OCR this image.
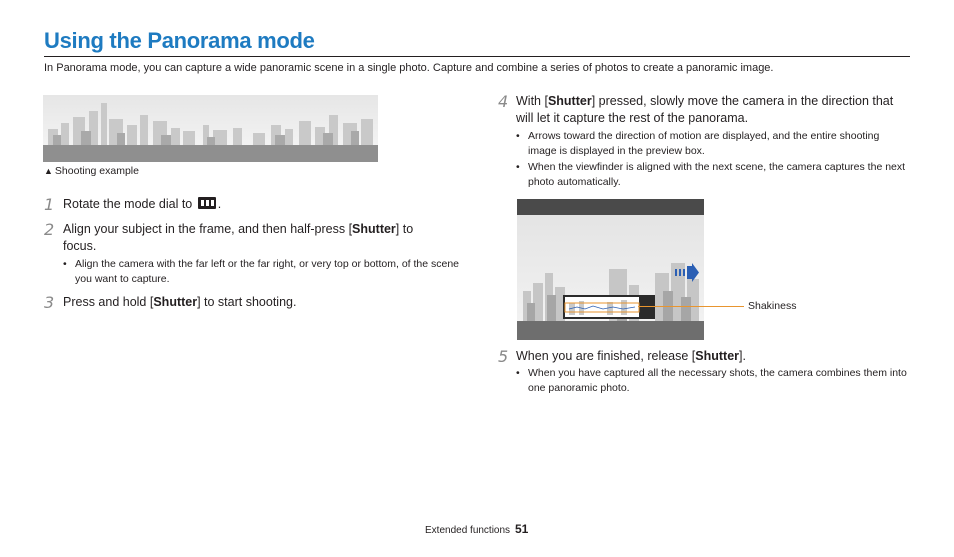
Using the Panorama mode

In Panorama mode, you can capture a wide panoramic scene in a single photo. Capture and combine a series of photos to create a panoramic image.

▲ Shooting example
1 Rotate the mode dial to .
2 Align your subject in the frame, and then half-press [Shutter] to focus.
• Align the camera with the far left or the far right, or very top or bottom, of the scene you want to capture.
3 Press and hold [Shutter] to start shooting.
4 With [Shutter] pressed, slowly move the camera in the direction that will let it capture the rest of the panorama.
• Arrows toward the direction of motion are displayed, and the entire shooting image is displayed in the preview box.
• When the viewfinder is aligned with the next scene, the camera captures the next photo automatically.
Shakiness
5 When you are finished, release [Shutter].
• When you have captured all the necessary shots, the camera combines them into one panoramic photo.
Extended functions 51
